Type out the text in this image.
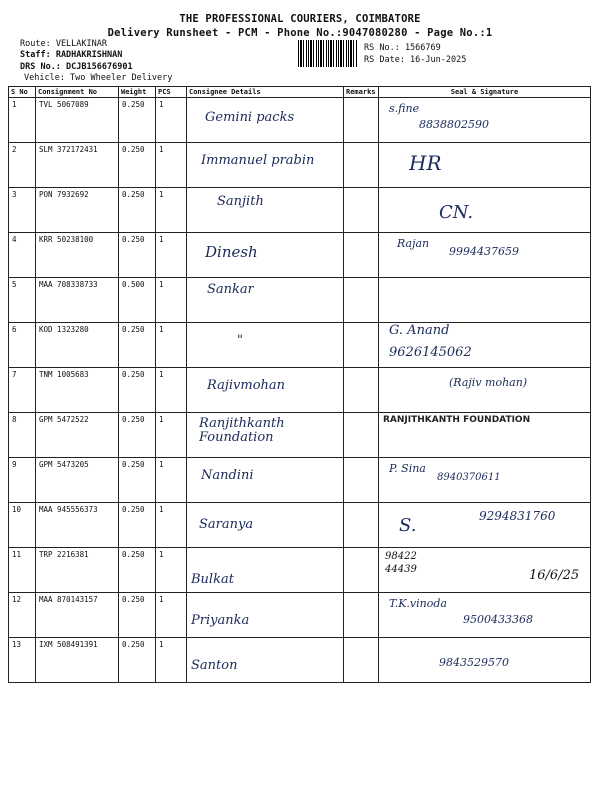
THE PROFESSIONAL COURIERS, COIMBATORE
Delivery Runsheet - PCM - Phone No.:9047080280 - Page No.:1
Route: VELLAKINAR
Staff: RADHAKRISHNAN
DRS No.: DCJB156676901
Vehicle: Two Wheeler Delivery
RS No.: 1566769
RS Date: 16-Jun-2025
S No	Consignment No	Weight	PCS	Consignee Details	Remarks	Seal & Signature
1	TVL 5067089	0.250	1	Gemini packs		s.fine
8838802590

2	SLM 372172431	0.250	1	Immanuel prabin		HR

3	PON 7932692	0.250	1	Sanjith		CN.

4	KRR 50238100	0.250	1	Dinesh		Rajan
9994437659

5	MAA 708338733	0.500	1	Sankar		

6	KOD 1323280	0.250	1	"		G. Anand
9626145062

7	TNM 1005683	0.250	1	Rajivmohan		(Rajiv mohan)

8	GPM 5472522	0.250	1	Ranjithkanth Foundation		RANJITHKANTH FOUNDATION

9	GPM 5473205	0.250	1	Nandini		P. Sina
8940370611

10	MAA 945556373	0.250	1	Saranya		S. 9294831760

11	TRP 2216381	0.250	1	Bulkat		98422 44439 16/6/25

12	MAA 870143157	0.250	1	Priyanka		T.K.vinoda
9500433368

13	IXM 508491391	0.250	1	Santon		9843529570
